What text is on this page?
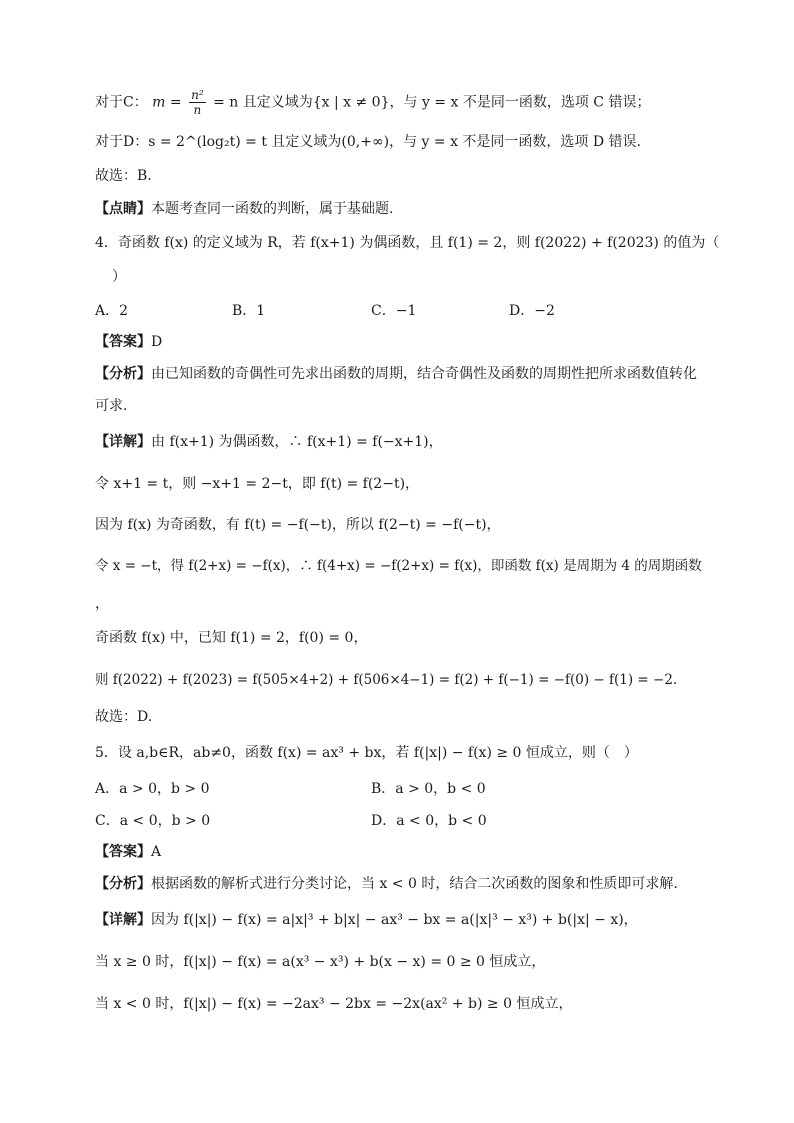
对于C： $m = \frac{\text{n²}}{n} = n$ 且定义域为{x | x ≠ 0}，与 y = x 不是同一函数，选项 C 错误；
对于D：s = 2^(log₂t) = t 且定义域为(0,+∞)，与 y = x 不是同一函数，选项 D 错误.
故选：B.
【点睛】本题考查同一函数的判断，属于基础题.
4．奇函数 f(x) 的定义域为 R，若 f(x+1) 为偶函数，且 f(1) = 2，则 f(2022) + f(2023) 的值为（
）
A．2	B．1	C．−1	D．−2
【答案】D
【分析】由已知函数的奇偶性可先求出函数的周期，结合奇偶性及函数的周期性把所求函数值转化
可求.
【详解】由 f(x+1) 为偶函数，∴ f(x+1) = f(−x+1)，
令 x+1 = t，则 −x+1 = 2−t，即 f(t) = f(2−t)，
因为 f(x) 为奇函数，有 f(t) = −f(−t)，所以 f(2−t) = −f(−t)，
令 x = −t，得 f(2+x) = −f(x)，∴ f(4+x) = −f(2+x) = f(x)，即函数 f(x) 是周期为 4 的周期函数
，
奇函数 f(x) 中，已知 f(1) = 2，f(0) = 0，
则 f(2022) + f(2023) = f(505×4+2) + f(506×4−1) = f(2) + f(−1) = −f(0) − f(1) = −2.
故选：D.
5．设 a,b∈R，ab≠0，函数 f(x) = ax³ + bx，若 f(|x|) − f(x) ≥ 0 恒成立，则（　）
A．a > 0，b > 0	B．a > 0，b < 0
C．a < 0，b > 0	D．a < 0，b < 0
【答案】A
【分析】根据函数的解析式进行分类讨论，当 x < 0 时，结合二次函数的图象和性质即可求解.
【详解】因为 f(|x|) − f(x) = a|x|³ + b|x| − ax³ − bx = a(|x|³ − x³) + b(|x| − x)，
当 x ≥ 0 时，f(|x|) − f(x) = a(x³ − x³) + b(x − x) = 0 ≥ 0 恒成立，
当 x < 0 时，f(|x|) − f(x) = −2ax³ − 2bx = −2x(ax² + b) ≥ 0 恒成立，
